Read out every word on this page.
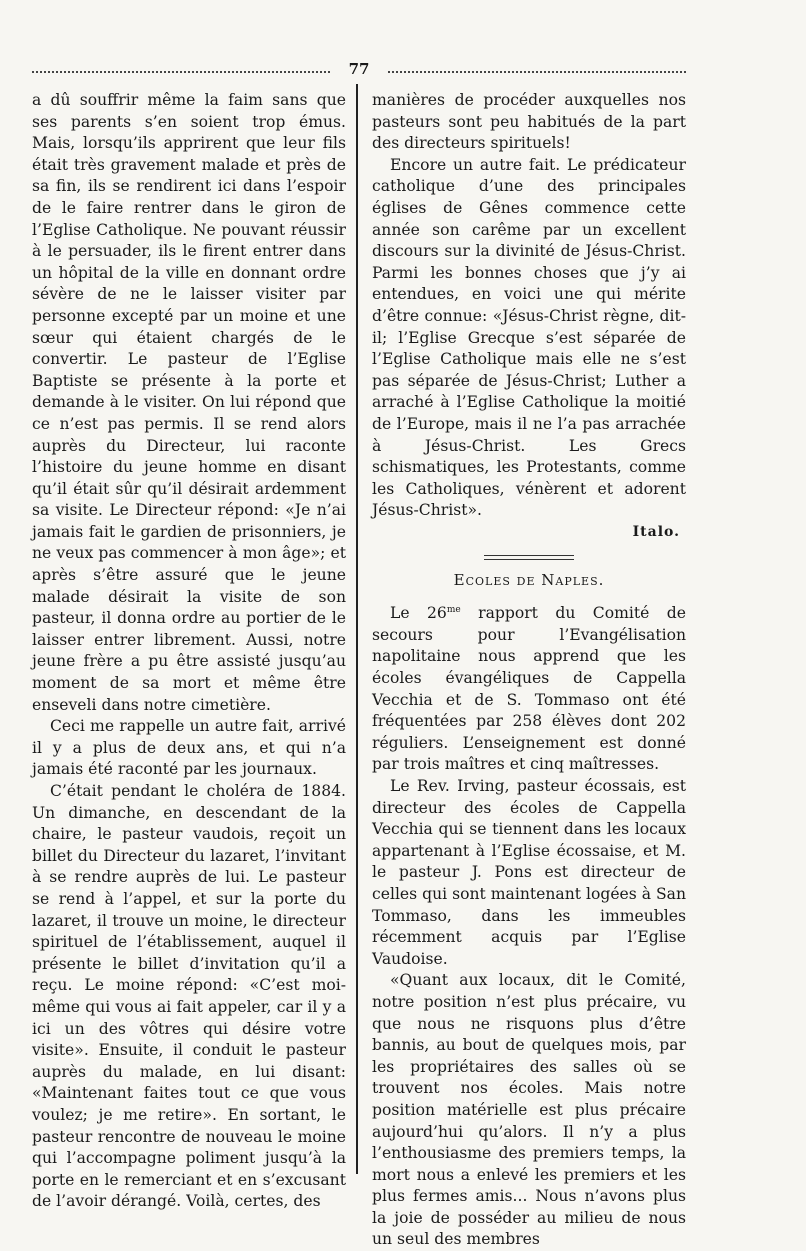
77

a dû souffrir même la faim sans que ses parents s’en soient trop émus. Mais, lorsqu’ils apprirent que leur fils était très gravement malade et près de sa fin, ils se rendirent ici dans l’espoir de le faire rentrer dans le giron de l’Eglise Catholique. Ne pouvant réussir à le persuader, ils le firent entrer dans un hôpital de la ville en donnant ordre sévère de ne le laisser visiter par personne excepté par un moine et une sœur qui étaient chargés de le convertir. Le pasteur de l’Eglise Baptiste se présente à la porte et demande à le visiter. On lui répond que ce n’est pas permis. Il se rend alors auprès du Directeur, lui raconte l’histoire du jeune homme en disant qu’il était sûr qu’il désirait ardemment sa visite. Le Directeur répond: «Je n’ai jamais fait le gardien de prisonniers, je ne veux pas commencer à mon âge»; et après s’être assuré que le jeune malade désirait la visite de son pasteur, il donna ordre au portier de le laisser entrer librement. Aussi, notre jeune frère a pu être assisté jusqu’au moment de sa mort et même être enseveli dans notre cimetière.

Ceci me rappelle un autre fait, arrivé il y a plus de deux ans, et qui n’a jamais été raconté par les journaux.

C’était pendant le choléra de 1884. Un dimanche, en descendant de la chaire, le pasteur vaudois, reçoit un billet du Directeur du lazaret, l’invitant à se rendre auprès de lui. Le pasteur se rend à l’appel, et sur la porte du lazaret, il trouve un moine, le directeur spirituel de l’établissement, auquel il présente le billet d’invitation qu’il a reçu. Le moine répond: «C’est moi-même qui vous ai fait appeler, car il y a ici un des vôtres qui désire votre visite». Ensuite, il conduit le pasteur auprès du malade, en lui disant: «Maintenant faites tout ce que vous voulez; je me retire». En sortant, le pasteur rencontre de nouveau le moine qui l’accompagne poliment jusqu’à la porte en le remerciant et en s’excusant de l’avoir dérangé. Voilà, certes, des

manières de procéder auxquelles nos pasteurs sont peu habitués de la part des directeurs spirituels!

Encore un autre fait. Le prédicateur catholique d’une des principales églises de Gênes commence cette année son carême par un excellent discours sur la divinité de Jésus-Christ. Parmi les bonnes choses que j’y ai entendues, en voici une qui mérite d’être connue: «Jésus-Christ règne, dit-il; l’Eglise Grecque s’est séparée de l’Eglise Catholique mais elle ne s’est pas séparée de Jésus-Christ; Luther a arraché à l’Eglise Catholique la moitié de l’Europe, mais il ne l’a pas arrachée à Jésus-Christ. Les Grecs schismatiques, les Protestants, comme les Catholiques, vénèrent et adorent Jésus-Christ».

Italo.

Ecoles de Naples.

Le $26^{me}$ rapport du Comité de secours pour l’Evangélisation napolitaine nous apprend que les écoles évangéliques de Cappella Vecchia et de S. Tommaso ont été fréquentées par 258 élèves dont 202 réguliers. L’enseignement est donné par trois maîtres et cinq maîtresses.

Le Rev. Irving, pasteur écossais, est directeur des écoles de Cappella Vecchia qui se tiennent dans les locaux appartenant à l’Eglise écossaise, et M. le pasteur J. Pons est directeur de celles qui sont maintenant logées à San Tommaso, dans les immeubles récemment acquis par l’Eglise Vaudoise.

«Quant aux locaux, dit le Comité, notre position n’est plus précaire, vu que nous ne risquons plus d’être bannis, au bout de quelques mois, par les propriétaires des salles où se trouvent nos écoles. Mais notre position matérielle est plus précaire aujourd’hui qu’alors. Il n’y a plus l’enthousiasme des premiers temps, la mort nous a enlevé les premiers et les plus fermes amis... Nous n’avons plus la joie de posséder au milieu de nous un seul des membres
